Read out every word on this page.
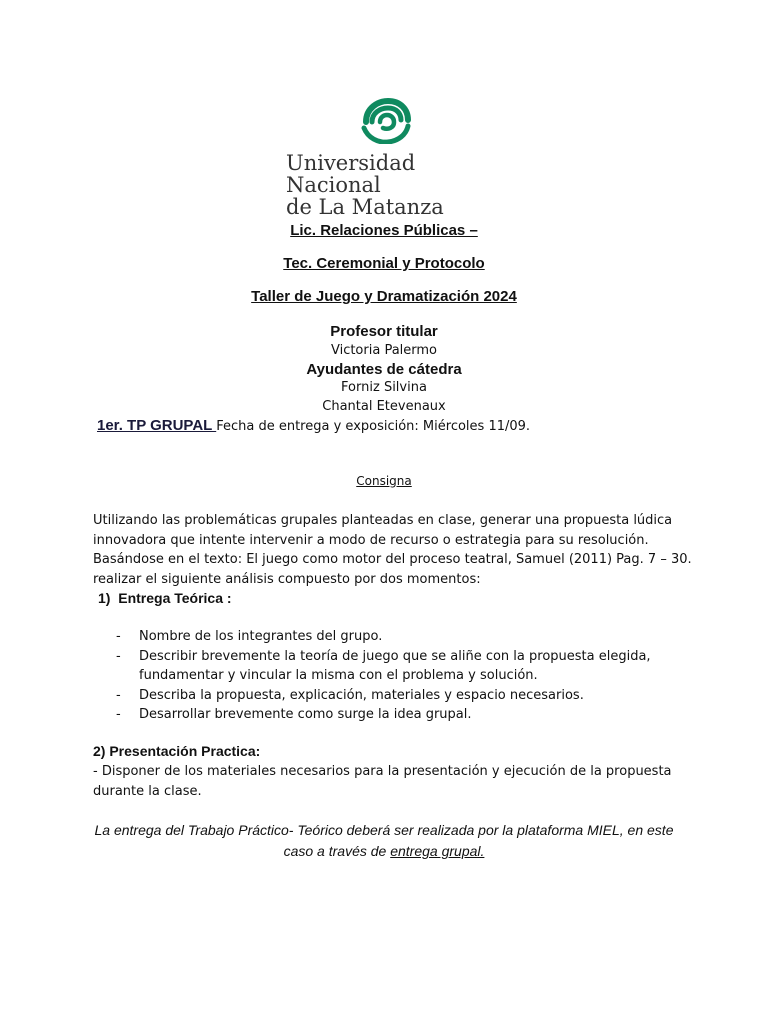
Universidad Nacional
de La Matanza
Lic. Relaciones Públicas –
Tec. Ceremonial y Protocolo
Taller de Juego y Dramatización 2024
Profesor titular
Victoria Palermo
Ayudantes de cátedra
Forniz Silvina
Chantal Etevenaux
1er. TP GRUPAL Fecha de entrega y exposición: Miércoles 11/09.
Consigna
Utilizando las problemáticas grupales planteadas en clase, generar una propuesta lúdica innovadora que intente intervenir a modo de recurso o estrategia para su resolución. Basándose en el texto: El juego como motor del proceso teatral, Samuel (2011) Pag. 7 – 30. realizar el siguiente análisis compuesto por dos momentos:
1) Entrega Teórica :
- Nombre de los integrantes del grupo.
- Describir brevemente la teoría de juego que se aliñe con la propuesta elegida, fundamentar y vincular la misma con el problema y solución.
- Describa la propuesta, explicación, materiales y espacio necesarios.
- Desarrollar brevemente como surge la idea grupal.
2) Presentación Practica:
- Disponer de los materiales necesarios para la presentación y ejecución de la propuesta durante la clase.
La entrega del Trabajo Práctico- Teórico deberá ser realizada por la plataforma MIEL, en este caso a través de entrega grupal.
